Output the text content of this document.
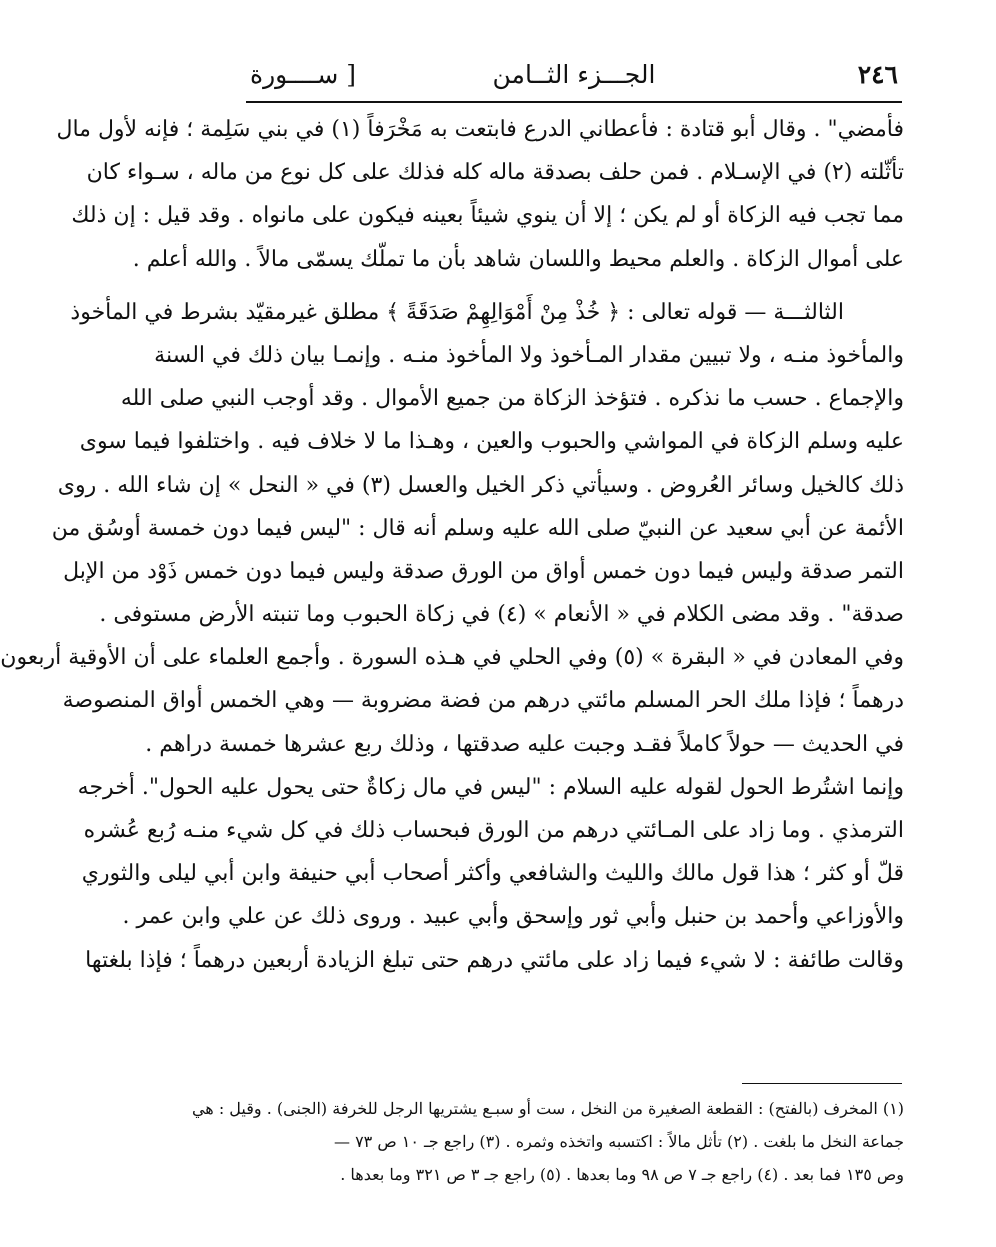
٢٤٦
الجـــزء الثــامن
[ ســــورة
فأمضي" . وقال أبو قتادة : فأعطاني الدرع فابتعت به مَخْرَفاً (١) في بني سَلِمة ؛ فإنه لأول مال
تأثّلته (٢) في الإسـلام . فمن حلف بصدقة ماله كله فذلك على كل نوع من ماله ، سـواء كان
مما تجب فيه الزكاة أو لم يكن ؛ إلا أن ينوي شيئاً بعينه فيكون على مانواه . وقد قيل : إن ذلك
على أموال الزكاة . والعلم محيط واللسان شاهد بأن ما تملّك يسمّى مالاً . والله أعلم .
الثالثـــة — قوله تعالى : ﴿ خُذْ مِنْ أَمْوَالِهِمْ صَدَقَةً ﴾ مطلق غيرمقيّد بشرط في المأخوذ
والمأخوذ منـه ، ولا تبيين مقدار المـأخوذ ولا المأخوذ منـه . وإنمـا بيان ذلك في السنة
والإجماع . حسب ما نذكره . فتؤخذ الزكاة من جميع الأموال . وقد أوجب النبي صلى الله
عليه وسلم الزكاة في المواشي والحبوب والعين ، وهـذا ما لا خلاف فيه . واختلفوا فيما سوى
ذلك كالخيل وسائر العُروض . وسيأتي ذكر الخيل والعسل (٣) في « النحل » إن شاء الله . روى
الأئمة عن أبي سعيد عن النبيّ صلى الله عليه وسلم أنه قال : "ليس فيما دون خمسة أوسُق من
التمر صدقة وليس فيما دون خمس أواق من الورق صدقة وليس فيما دون خمس ذَوْد من الإبل
صدقة" . وقد مضى الكلام في « الأنعام » (٤) في زكاة الحبوب وما تنبته الأرض مستوفى .
وفي المعادن في « البقرة » (٥) وفي الحلي في هـذه السورة . وأجمع العلماء على أن الأوقية أربعون
درهماً ؛ فإذا ملك الحر المسلم مائتي درهم من فضة مضروبة — وهي الخمس أواق المنصوصة
في الحديث — حولاً كاملاً فقـد وجبت عليه صدقتها ، وذلك ربع عشرها خمسة دراهم .
وإنما اشتُرط الحول لقوله عليه السلام : "ليس في مال زكاةٌ حتى يحول عليه الحول". أخرجه
الترمذي . وما زاد على المـائتي درهم من الورق فبحساب ذلك في كل شيء منـه رُبع عُشره
قلّ أو كثر ؛ هذا قول مالك والليث والشافعي وأكثر أصحاب أبي حنيفة وابن أبي ليلى والثوري
والأوزاعي وأحمد بن حنبل وأبي ثور وإسحق وأبي عبيد . وروى ذلك عن علي وابن عمر .
وقالت طائفة : لا شيء فيما زاد على مائتي درهم حتى تبلغ الزيادة أربعين درهماً ؛ فإذا بلغتها
(١) المخرف (بالفتح) : القطعة الصغيرة من النخل ، ست أو سبـع يشتريها الرجل للخرفة (الجنى) . وقيل : هي
جماعة النخل ما بلغت . (٢) تأثل مالاً : اكتسبه واتخذه وثمره . (٣) راجع جـ ١٠ ص ٧٣ —
وص ١٣٥ فما بعد . (٤) راجع جـ ٧ ص ٩٨ وما بعدها . (٥) راجع جـ ٣ ص ٣٢١ وما بعدها .
